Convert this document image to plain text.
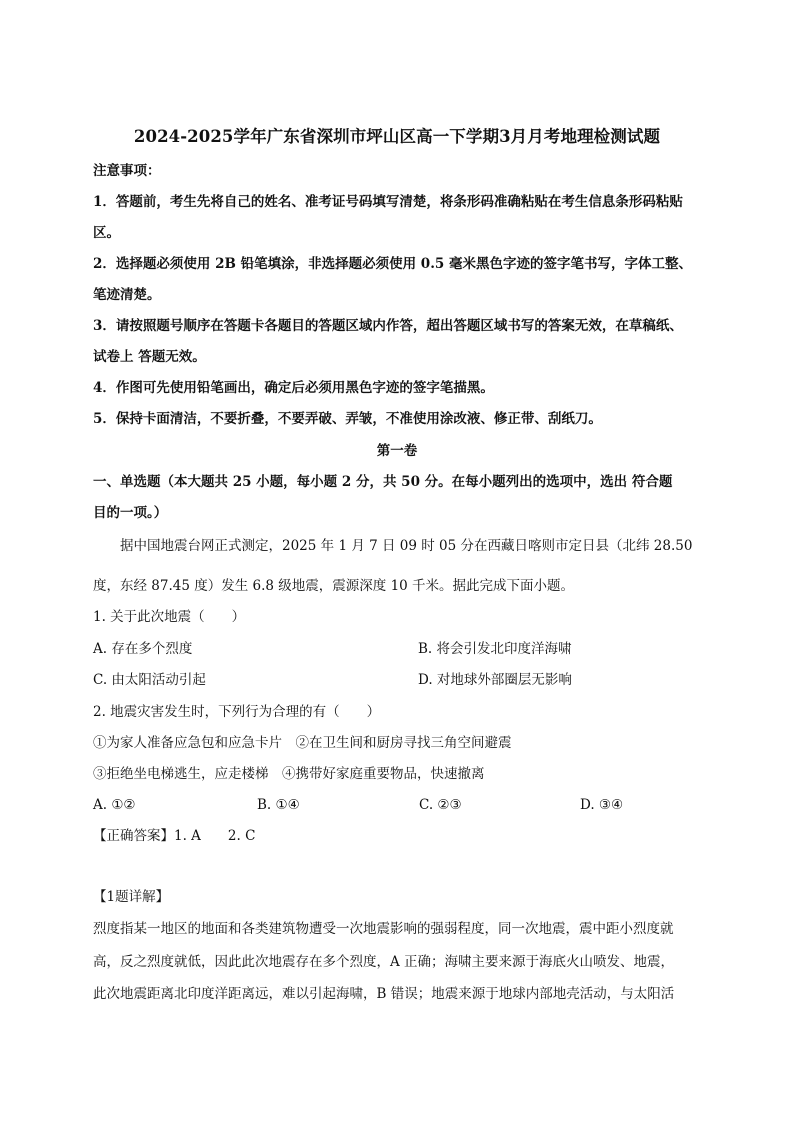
2024-2025学年广东省深圳市坪山区高一下学期3月月考地理检测试题
注意事项：
1．答题前，考生先将自己的姓名、准考证号码填写清楚，将条形码准确粘贴在考生信息条形码粘贴
区。
2．选择题必须使用 2B 铅笔填涂，非选择题必须使用 0.5 毫米黑色字迹的签字笔书写，字体工整、
笔迹清楚。
3．请按照题号顺序在答题卡各题目的答题区域内作答，超出答题区域书写的答案无效，在草稿纸、
试卷上 答题无效。
4．作图可先使用铅笔画出，确定后必须用黑色字迹的签字笔描黑。
5．保持卡面清洁，不要折叠，不要弄破、弄皱，不准使用涂改液、修正带、刮纸刀。
第一卷
一、单选题（本大题共 25 小题，每小题 2 分，共 50 分。在每小题列出的选项中，选出 符合题
目的一项。）
据中国地震台网正式测定，2025 年 1 月 7 日 09 时 05 分在西藏日喀则市定日县（北纬 28.50
度，东经 87.45 度）发生 6.8 级地震，震源深度 10 千米。据此完成下面小题。
1. 关于此次地震（　　）
A. 存在多个烈度	B. 将会引发北印度洋海啸
C. 由太阳活动引起	D. 对地球外部圈层无影响
2. 地震灾害发生时，下列行为合理的有（　　）
①为家人准备应急包和应急卡片　②在卫生间和厨房寻找三角空间避震
③拒绝坐电梯逃生，应走楼梯　④携带好家庭重要物品，快速撤离
A. ①②	B. ①④	C. ②③	D. ③④
【正确答案】1. A　　2. C
【1题详解】
烈度指某一地区的地面和各类建筑物遭受一次地震影响的强弱程度，同一次地震，震中距小烈度就
高，反之烈度就低，因此此次地震存在多个烈度，A 正确；海啸主要来源于海底火山喷发、地震，
此次地震距离北印度洋距离远，难以引起海啸，B 错误；地震来源于地球内部地壳活动，与太阳活
